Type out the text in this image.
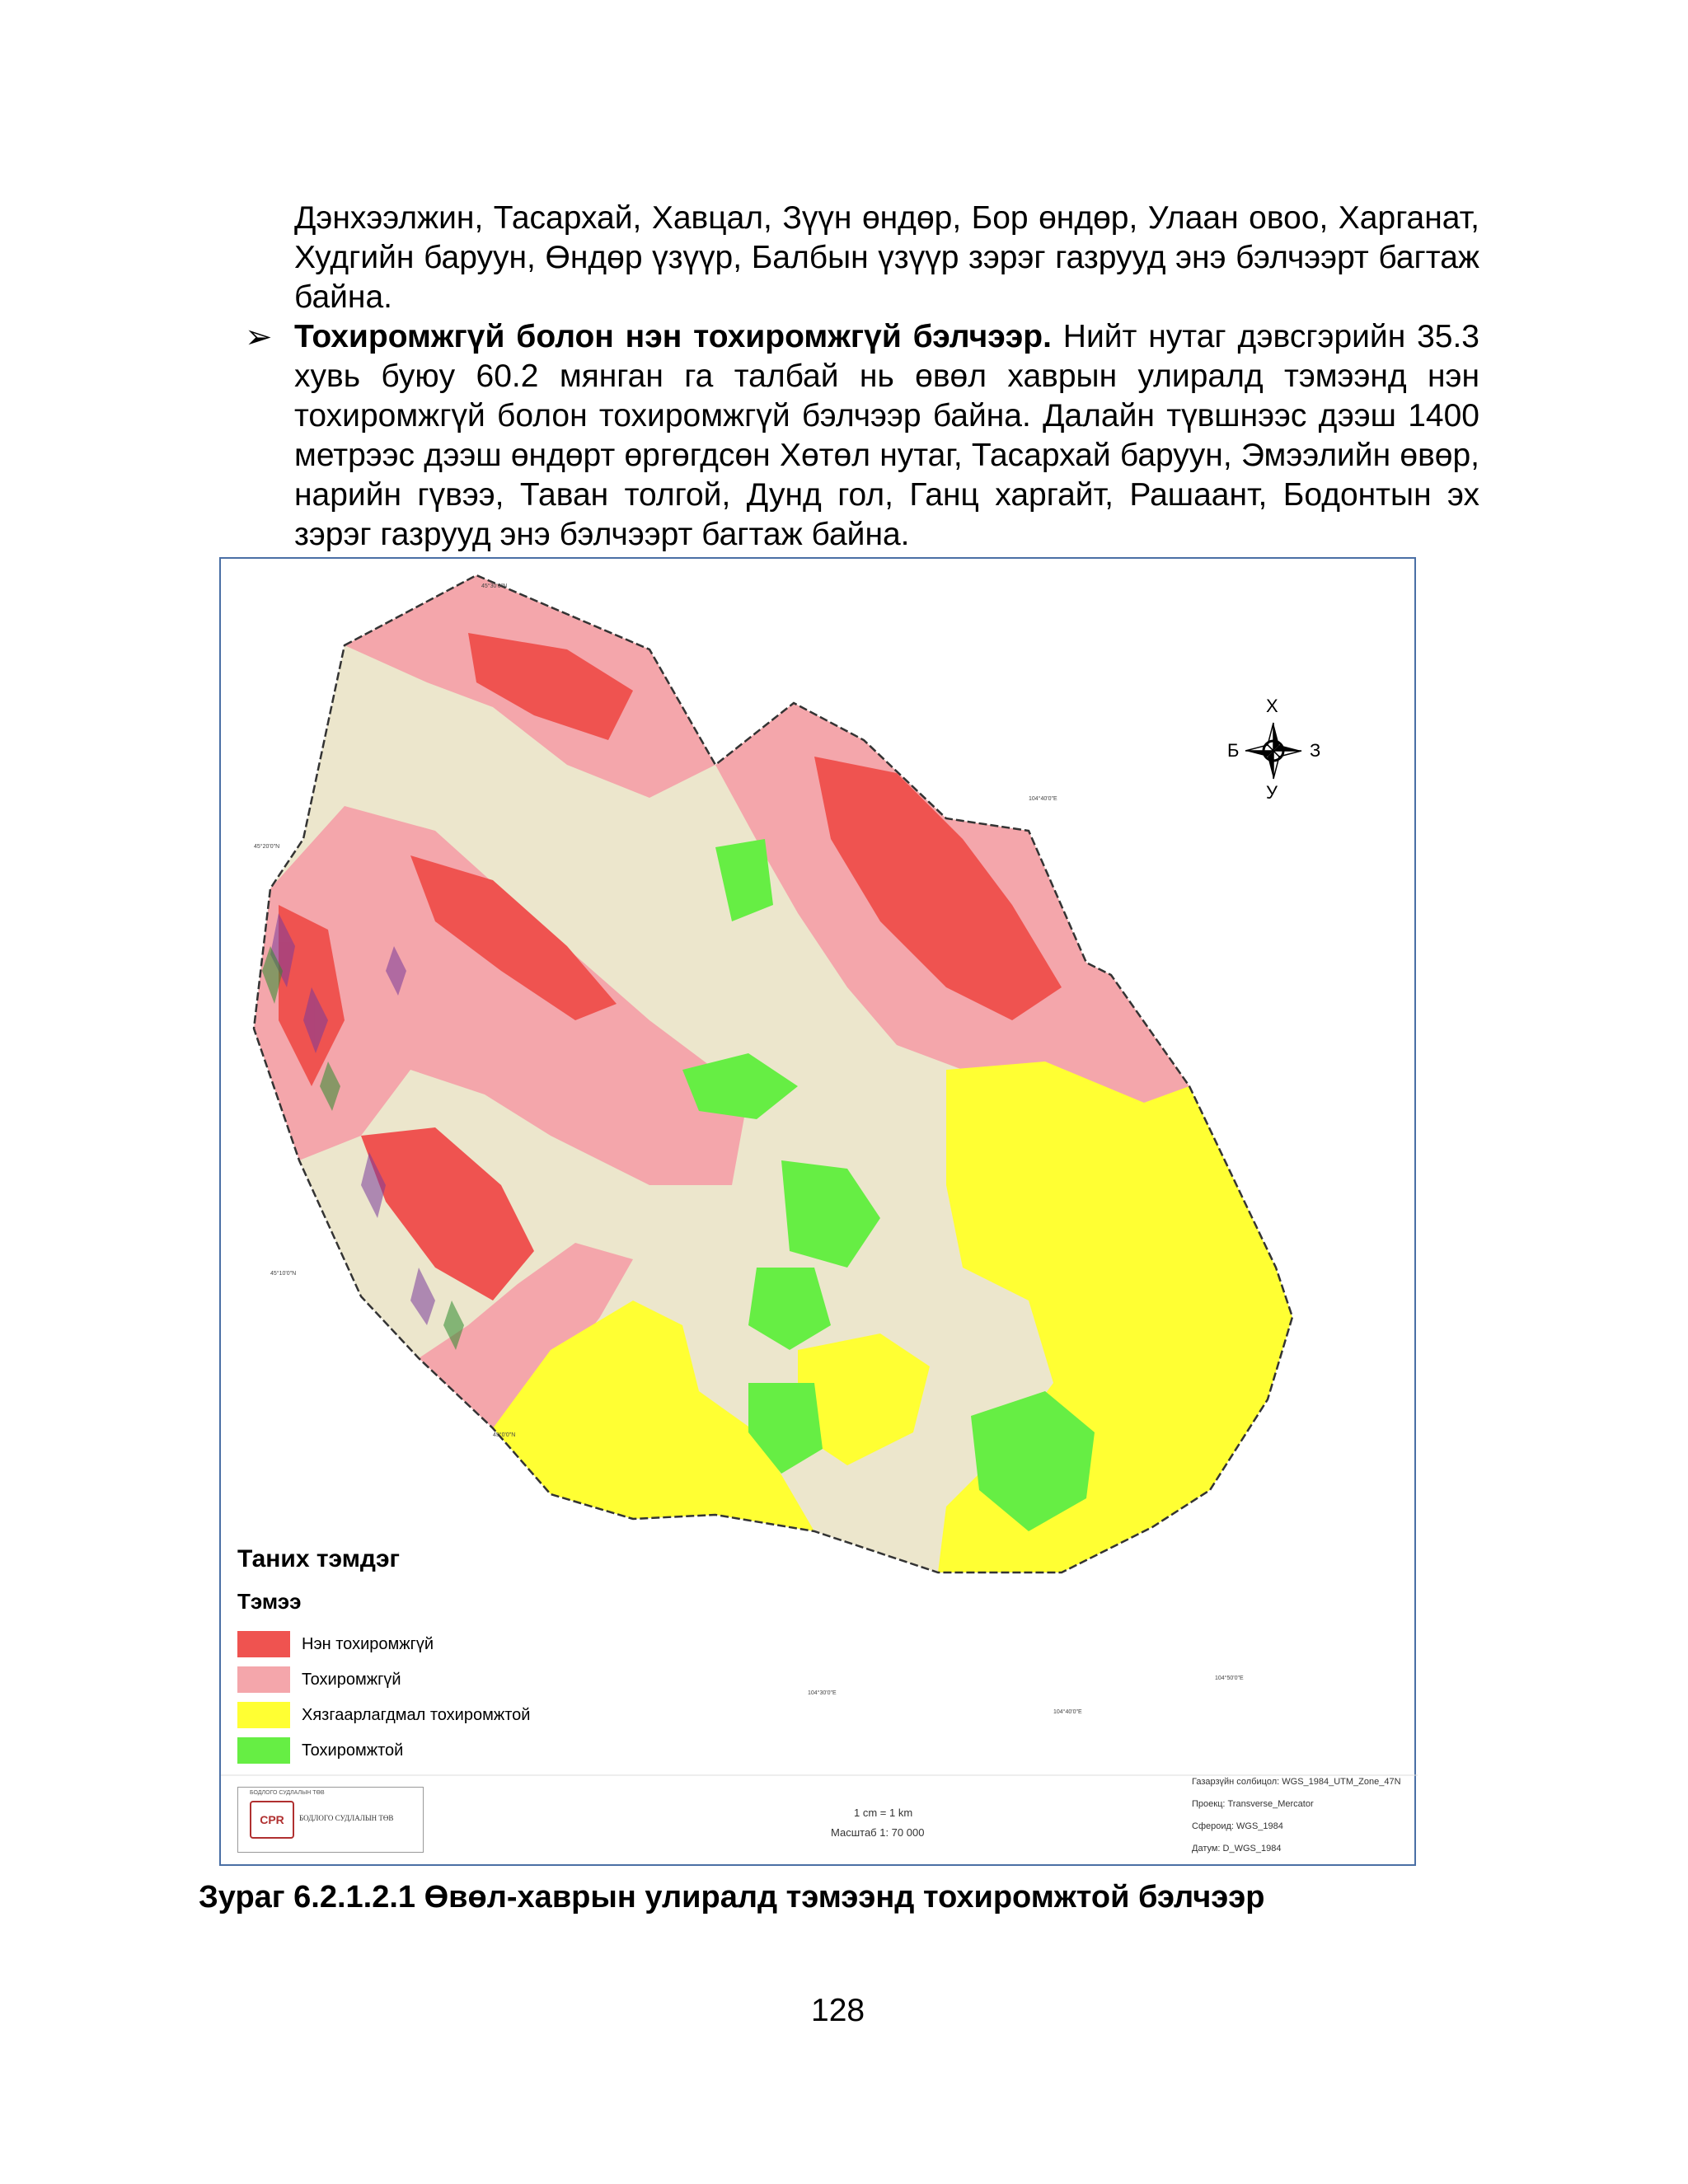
Дэнхээлжин, Тасархай, Хавцал, Зүүн өндөр, Бор өндөр, Улаан овоо, Харганат, Худгийн баруун, Өндөр үзүүр, Балбын үзүүр зэрэг газрууд энэ бэлчээрт багтаж байна.
➢ Тохиромжгүй болон нэн тохиромжгүй бэлчээр. Нийт нутаг дэвсгэрийн 35.3 хувь буюу 60.2 мянган га талбай нь өвөл хаврын улиралд тэмээнд нэн тохиромжгүй болон тохиромжгүй бэлчээр байна. Далайн түвшнээс дээш 1400 метрээс дээш өндөрт өргөгдсөн Хөтөл нутаг, Тасархай баруун, Эмээлийн өвөр, нарийн гүвээ, Таван толгой, Дунд гол, Ганц харгайт, Рашаант, Бодонтын эх зэрэг газрууд энэ бэлчээрт багтаж байна.
Х
У
Б	З
45°30'0"N
104°40'0"E
45°20'0"N
45°10'0"N
45°0'0"N
104°30'0"E
104°50'0"E
104°40'0"E
Таних тэмдэг
Тэмээ
Нэн тохиромжгүй
Тохиромжгүй
Хязгаарлагдмал тохиромжтой
Тохиромжтой
БОДЛОГО СУДЛАЛЫН ТӨВ
CPR	БОДЛОГО СУДЛАЛЫН ТӨВ	1 cm = 1 km
Масштаб 1: 70 000
Газарзүйн солбицол: WGS_1984_UTM_Zone_47N
Проекц: Transverse_Mercator
Сфероид: WGS_1984
Датум: D_WGS_1984
Зураг 6.2.1.2.1 Өвөл-хаврын улиралд тэмээнд тохиромжтой бэлчээр
128
